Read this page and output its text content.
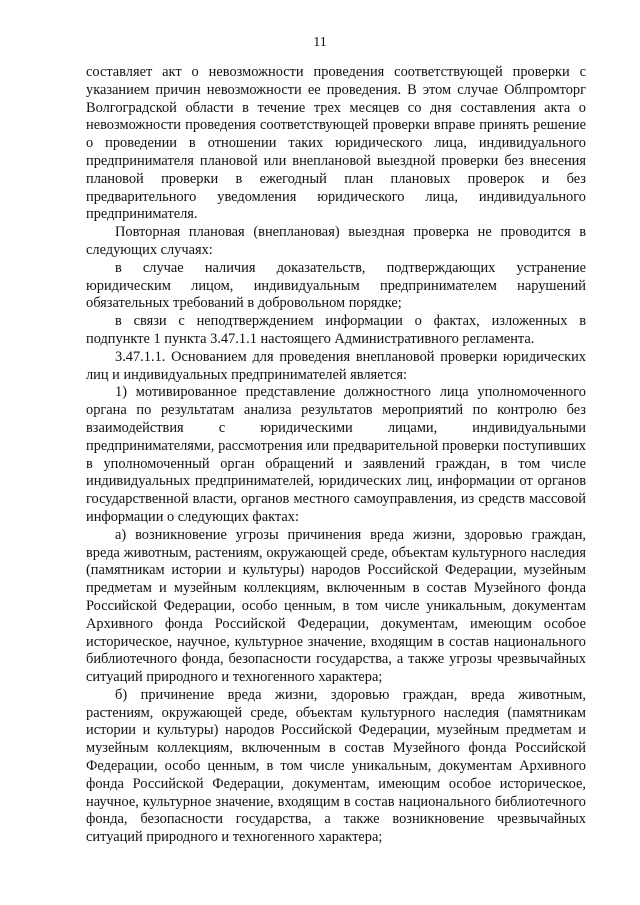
11

составляет акт о невозможности проведения соответствующей проверки с указанием причин невозможности ее проведения. В этом случае Облпромторг Волгоградской области в течение трех месяцев со дня составления акта о невозможности проведения соответствующей проверки вправе принять решение о проведении в отношении таких юридического лица, индивидуального предпринимателя плановой или внеплановой выездной проверки без внесения плановой проверки в ежегодный план плановых проверок и без предварительного уведомления юридического лица, индивидуального предпринимателя.

Повторная плановая (внеплановая) выездная проверка не проводится в следующих случаях:

в случае наличия доказательств, подтверждающих устранение юридическим лицом, индивидуальным предпринимателем нарушений обязательных требований в добровольном порядке;

в связи с неподтверждением информации о фактах, изложенных в подпункте 1 пункта 3.47.1.1 настоящего Административного регламента.

3.47.1.1. Основанием для проведения внеплановой проверки юридических лиц и индивидуальных предпринимателей является:

1) мотивированное представление должностного лица уполномоченного органа по результатам анализа результатов мероприятий по контролю без взаимодействия с юридическими лицами, индивидуальными предпринимателями, рассмотрения или предварительной проверки поступивших в уполномоченный орган обращений и заявлений граждан, в том числе индивидуальных предпринимателей, юридических лиц, информации от органов государственной власти, органов местного самоуправления, из средств массовой информации о следующих фактах:

а) возникновение угрозы причинения вреда жизни, здоровью граждан, вреда животным, растениям, окружающей среде, объектам культурного наследия (памятникам истории и культуры) народов Российской Федерации, музейным предметам и музейным коллекциям, включенным в состав Музейного фонда Российской Федерации, особо ценным, в том числе уникальным, документам Архивного фонда Российской Федерации, документам, имеющим особое историческое, научное, культурное значение, входящим в состав национального библиотечного фонда, безопасности государства, а также угрозы чрезвычайных ситуаций природного и техногенного характера;

б) причинение вреда жизни, здоровью граждан, вреда животным, растениям, окружающей среде, объектам культурного наследия (памятникам истории и культуры) народов Российской Федерации, музейным предметам и музейным коллекциям, включенным в состав Музейного фонда Российской Федерации, особо ценным, в том числе уникальным, документам Архивного фонда Российской Федерации, документам, имеющим особое историческое, научное, культурное значение, входящим в состав национального библиотечного фонда, безопасности государства, а также возникновение чрезвычайных ситуаций природного и техногенного характера;
